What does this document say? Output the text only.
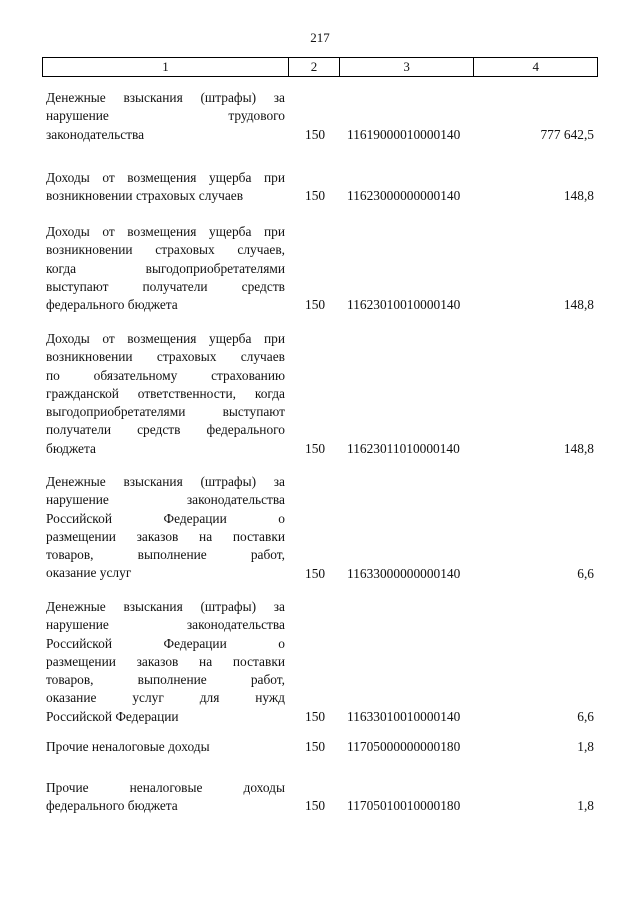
217
1	2	3	4
Денежные взыскания (штрафы) за
нарушение трудового
законодательства	150 11619000010000140	777 642,5
Доходы от возмещения ущерба при
возникновении страховых случаев	150 11623000000000140	148,8
Доходы от возмещения ущерба при
возникновении страховых случаев,
когда выгодоприобретателями
выступают получатели средств
федерального бюджета	150 11623010010000140	148,8
Доходы от возмещения ущерба при
возникновении страховых случаев
по обязательному страхованию
гражданской ответственности, когда
выгодоприобретателями выступают
получатели средств федерального
бюджета	150 11623011010000140	148,8
Денежные взыскания (штрафы) за
нарушение законодательства
Российской Федерации о
размещении заказов на поставки
товаров, выполнение работ,
оказание услуг	150 11633000000000140	6,6
Денежные взыскания (штрафы) за
нарушение законодательства
Российской Федерации о
размещении заказов на поставки
товаров, выполнение работ,
оказание услуг для нужд
Российской Федерации	150 11633010010000140	6,6
Прочие неналоговые доходы	150 11705000000000180	1,8
Прочие неналоговые доходы
федерального бюджета	150 11705010010000180	1,8
